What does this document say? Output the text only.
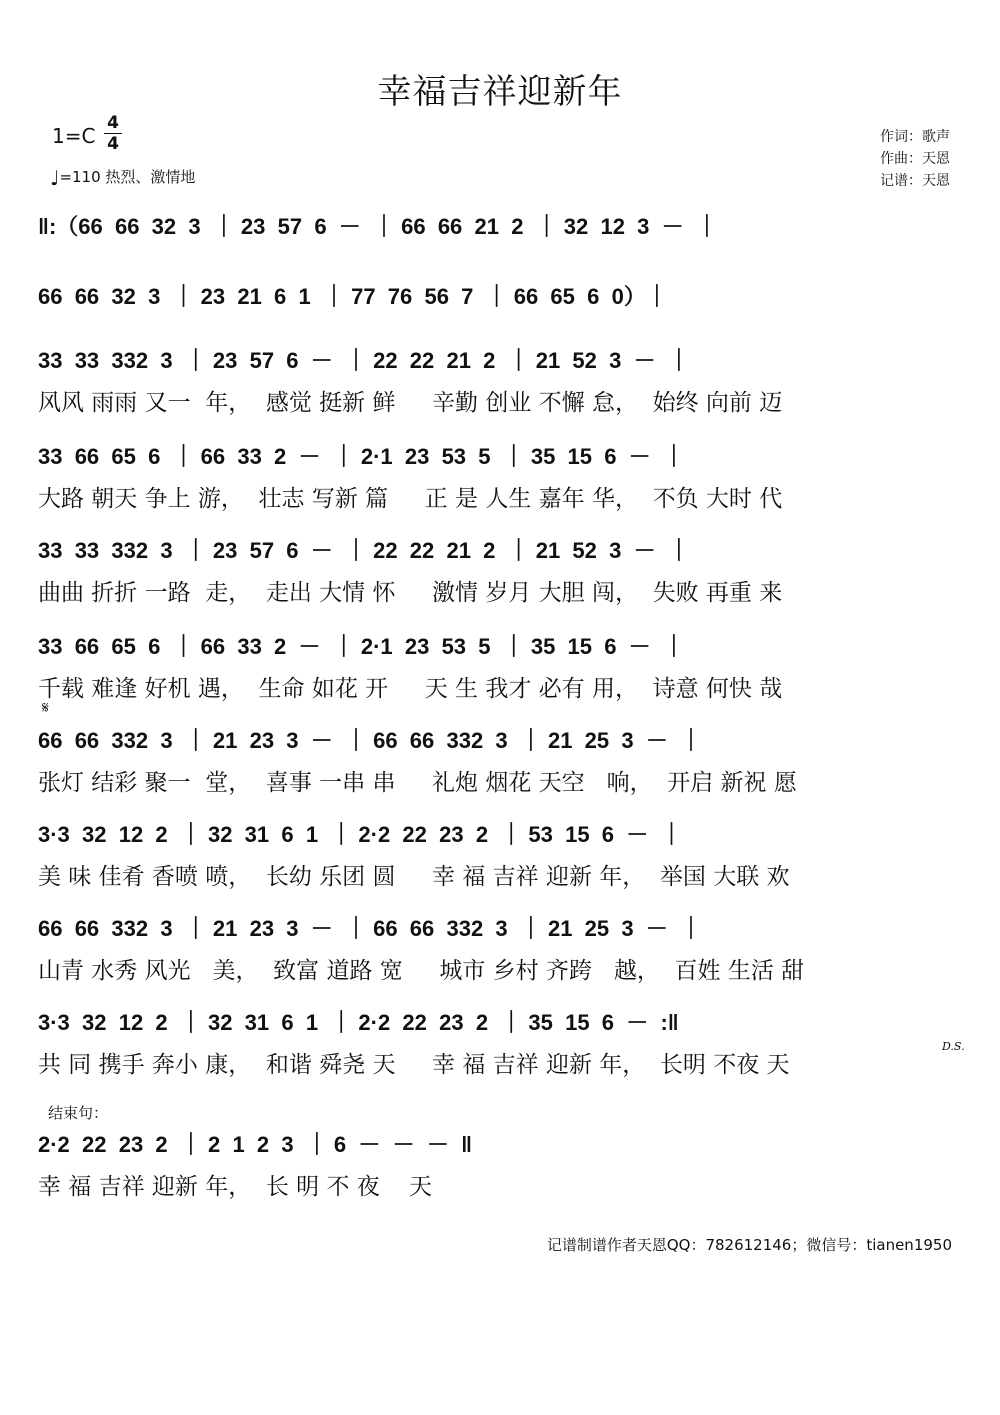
幸福吉祥迎新年
1=C
4
4
♩=110 热烈、激情地
作词：歌声
作曲：天恩
记谱：天恩
‖:（66  66  32  3  ｜ 23  57  6  －  ｜ 66  66  21  2  ｜ 32  12  3  －  ｜
66  66  32  3  ｜ 23  21  6  1  ｜ 77  76  56  7  ｜ 66  65  6  0）｜
33  33  332  3  ｜ 23  57  6  －  ｜ 22  22  21  2  ｜ 21  52  3  －  ｜
风风 雨雨 又一  年，  感觉 挺新 鲜     辛勤 创业 不懈 怠，  始终 向前 迈
33  66  65  6  ｜ 66  33  2  －  ｜ 2·1  23  53  5  ｜ 35  15  6  －  ｜
大路 朝天 争上 游，  壮志 写新 篇     正 是 人生 嘉年 华，  不负 大时 代
33  33  332  3  ｜ 23  57  6  －  ｜ 22  22  21  2  ｜ 21  52  3  －  ｜
曲曲 折折 一路  走，  走出 大情 怀     激情 岁月 大胆 闯，  失败 再重 来
33  66  65  6  ｜ 66  33  2  －  ｜ 2·1  23  53  5  ｜ 35  15  6  －  ｜
千载 难逢 好机 遇，  生命 如花 开     天 生 我才 必有 用，  诗意 何快 哉
𝄋
66  66  332  3  ｜ 21  23  3  －  ｜ 66  66  332  3  ｜ 21  25  3  －  ｜
张灯 结彩 聚一  堂，  喜事 一串 串     礼炮 烟花 天空   响，  开启 新祝 愿
3·3  32  12  2  ｜ 32  31  6  1  ｜ 2·2  22  23  2  ｜ 53  15  6  －  ｜
美 味 佳肴 香喷 喷，  长幼 乐团 圆     幸 福 吉祥 迎新 年，  举国 大联 欢
66  66  332  3  ｜ 21  23  3  －  ｜ 66  66  332  3  ｜ 21  25  3  －  ｜
山青 水秀 风光   美，  致富 道路 宽     城市 乡村 齐跨   越，  百姓 生活 甜
3·3  32  12  2  ｜ 32  31  6  1  ｜ 2·2  22  23  2  ｜ 35  15  6  －  :‖
共 同 携手 奔小 康，  和谐 舜尧 天     幸 福 吉祥 迎新 年，  长明 不夜 天
D.S.
结束句：
2·2  22  23  2  ｜ 2  1  2  3  ｜ 6  －  －  －  ‖
幸 福 吉祥 迎新 年，  长 明 不 夜    天
记谱制谱作者天恩QQ：782612146；微信号：tianen1950
